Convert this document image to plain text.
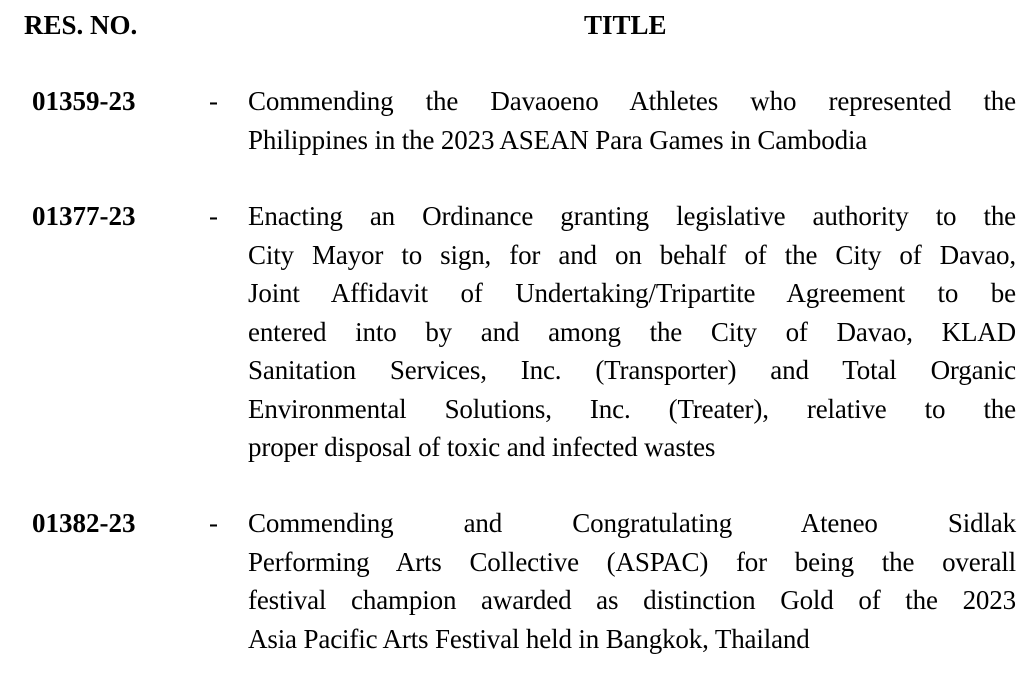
RES. NO.	TITLE
01359-23	- Commending the Davaoeno Athletes who represented the
Philippines in the 2023 ASEAN Para Games in Cambodia
01377-23	- Enacting an Ordinance granting legislative authority to the
City Mayor to sign, for and on behalf of the City of Davao,
Joint Affidavit of Undertaking/Tripartite Agreement to be
entered into by and among the City of Davao, KLAD
Sanitation Services, Inc. (Transporter) and Total Organic
Environmental Solutions, Inc. (Treater), relative to the
proper disposal of toxic and infected wastes
01382-23	- Commending and Congratulating Ateneo Sidlak
Performing Arts Collective (ASPAC) for being the overall
festival champion awarded as distinction Gold of the 2023
Asia Pacific Arts Festival held in Bangkok, Thailand
